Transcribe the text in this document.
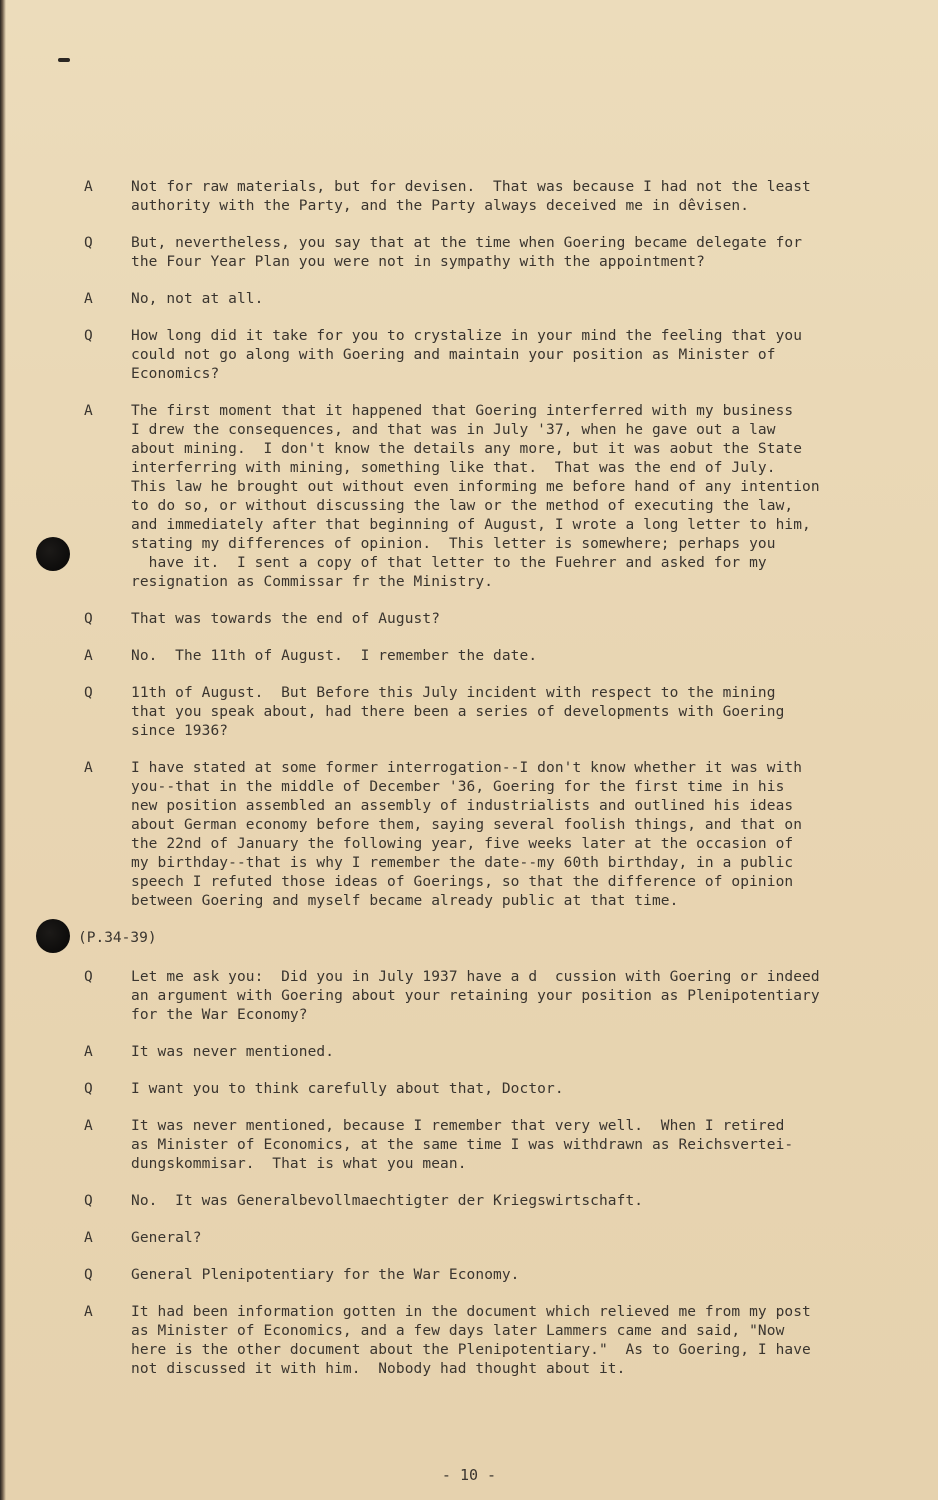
A	Not for raw materials, but for devisen.  That was because I had not the least
authority with the Party, and the Party always deceived me in dêvisen.
Q	But, nevertheless, you say that at the time when Goering became delegate for
the Four Year Plan you were not in sympathy with the appointment?
A	No, not at all.
Q	How long did it take for you to crystalize in your mind the feeling that you
could not go along with Goering and maintain your position as Minister of
Economics?
A	The first moment that it happened that Goering interferred with my business
I drew the consequences, and that was in July '37, when he gave out a law
about mining.  I don't know the details any more, but it was aobut the State
interferring with mining, something like that.  That was the end of July.
This law he brought out without even informing me before hand of any intention
to do so, or without discussing the law or the method of executing the law,
and immediately after that beginning of August, I wrote a long letter to him,
stating my differences of opinion.  This letter is somewhere; perhaps you
have it.  I sent a copy of that letter to the Fuehrer and asked for my
resignation as Commissar fr the Ministry.
Q	That was towards the end of August?
A	No.  The 11th of August.  I remember the date.
Q	11th of August.  But Before this July incident with respect to the mining
that you speak about, had there been a series of developments with Goering
since 1936?
A	I have stated at some former interrogation--I don't know whether it was with
you--that in the middle of December '36, Goering for the first time in his
new position assembled an assembly of industrialists and outlined his ideas
about German economy before them, saying several foolish things, and that on
the 22nd of January the following year, five weeks later at the occasion of
my birthday--that is why I remember the date--my 60th birthday, in a public
speech I refuted those ideas of Goerings, so that the difference of opinion
between Goering and myself became already public at that time.
(P.34-39)
Q	Let me ask you:  Did you in July 1937 have a d  cussion with Goering or indeed
an argument with Goering about your retaining your position as Plenipotentiary
for the War Economy?
A	It was never mentioned.
Q	I want you to think carefully about that, Doctor.
A	It was never mentioned, because I remember that very well.  When I retired
as Minister of Economics, at the same time I was withdrawn as Reichsvertei-
dungskommisar.  That is what you mean.
Q	No.  It was Generalbevollmaechtigter der Kriegswirtschaft.
A	General?
Q	General Plenipotentiary for the War Economy.
A	It had been information gotten in the document which relieved me from my post
as Minister of Economics, and a few days later Lammers came and said, "Now
here is the other document about the Plenipotentiary."  As to Goering, I have
not discussed it with him.  Nobody had thought about it.
- 10 -
